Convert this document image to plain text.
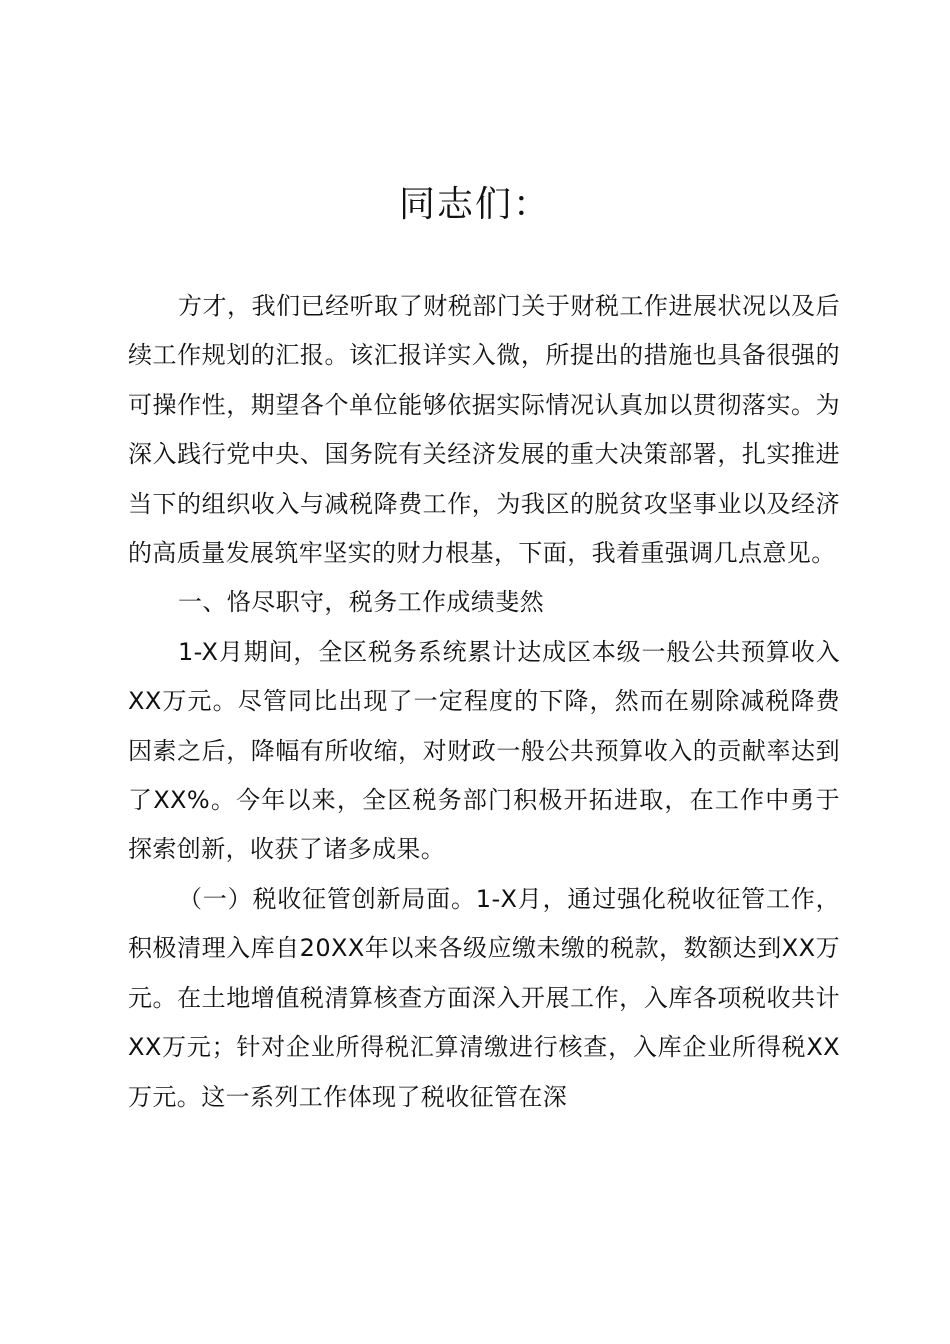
同志们：

方才，我们已经听取了财税部门关于财税工作进展状况以及后续工作规划的汇报。该汇报详实入微，所提出的措施也具备很强的可操作性，期望各个单位能够依据实际情况认真加以贯彻落实。为深入践行党中央、国务院有关经济发展的重大决策部署，扎实推进当下的组织收入与减税降费工作，为我区的脱贫攻坚事业以及经济的高质量发展筑牢坚实的财力根基，下面，我着重强调几点意见。

一、恪尽职守，税务工作成绩斐然

1-X月期间，全区税务系统累计达成区本级一般公共预算收入XX万元。尽管同比出现了一定程度的下降，然而在剔除减税降费因素之后，降幅有所收缩，对财政一般公共预算收入的贡献率达到了XX%。今年以来，全区税务部门积极开拓进取，在工作中勇于探索创新，收获了诸多成果。

（一）税收征管创新局面。1-X月，通过强化税收征管工作，积极清理入库自20XX年以来各级应缴未缴的税款，数额达到XX万元。在土地增值税清算核查方面深入开展工作，入库各项税收共计XX万元；针对企业所得税汇算清缴进行核查，入库企业所得税XX万元。这一系列工作体现了税收征管在深
